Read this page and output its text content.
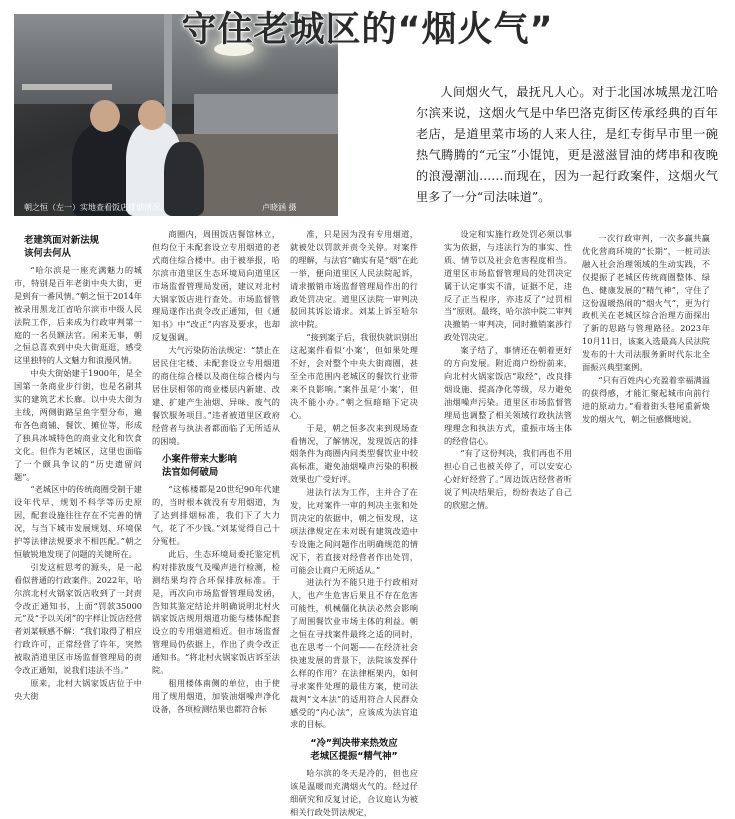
朝之恒（左一）实地查看饭店排烟情况。	卢晓涵 摄
守住老城区的“烟火气”

人间烟火气，最抚凡人心。对于北国冰城黑龙江哈尔滨来说，这烟火气是中华巴洛克街区传承经典的百年老店，是道里菜市场的人来人往，是红专街早市里一碗热气腾腾的“元宝”小馄饨，更是滋滋冒油的烤串和夜晚的浪漫潮汕……而现在，因为一起行政案件，这烟火气里多了一分“司法味道”。

老建筑面对新法规
该何去何从

“哈尔滨是一座充满魅力的城市，特别是百年老街中央大街，更是到有一番风情。”朝之恒于2014年被录用黑龙江省哈尔滨市中级人民法院工作，后来成为行政审判第一庭的一名员额法官。闲来无事，朝之恒总喜欢到中央大街逛逛，感受这里独特的人文魅力和浪漫风情。

中央大街始建于1900年，是全国第一条商业步行街，也是名副其实的建筑艺术长廊。以中央大街为主线，两侧街路呈鱼字型分布，遍布各色商铺、餐饮、摊位等，形成了独具冰城特色的商业文化和饮食文化。但作为老城区，这里也面临了一个颇具争议的“历史遗留问题”。

“老城区中的传统商圈受制于建设年代早、规划不科学等历史原因，配套设施往往存在不完善的情况，与当下城市发展规划、环境保护等法律法规要求不相匹配。”朝之恒敏锐地发现了问题的关键所在。

引发这桩思考的源头，是一起看似普通的行政案件。2022年，哈尔滨北村火锅家饭店收到了一封责令改正通知书，上面“罚款35000元”及“予以关闭”的字样让饭店经营者刘某顿感不解：“我们取得了相应行政许可，正常经营了许年，突然被取消道里区市场监督管理局的责令改正通知，说我们违法不当。”

原来，北村大锅家饭店位于中央大街

商圈内，周围饭店餐馆林立，但均位于未配套设立专用烟道的老式商住综合楼中。由于被举报，哈尔滨市道里区生态环境局向道里区市场监督管理局发函，建议对北村大锅家饭店进行查处。市场监督管理局遂作出责令改正通知，但《通知书》中“改正”内容及要求，也却反复强调。

大气污染防治法规定：“禁止在居民住宅楼、未配套设立专用烟道的商住综合楼以及商住综合楼内与居住层相邻的商业楼层内新建、改建、扩建产生油烟、异味、废气的餐饮服务项目。”违者被道里区政府经营者与执法者都面临了无所适从的困境。

小案件带来大影响
法官如何破局

“这栋楼都是20世纪90年代建的，当时根本就没有专用烟道，为了达到排烟标准，我们下了大力气，花了不少钱。”刘某觉得自己十分冤枉。

此后，生态环境局委托鉴定机构对排放废气及噪声进行检测，检测结果均符合环保排放标准。于是，再次向市场监督管理局发函，告知其鉴定结论并明确说明北村火锅家饭店规用烟道功能与楼体配套设立的专用烟道相近。但市场监督管理局仍依据上，作出了责令改正通知书。“将北村火锅家饭店诉至法院。

租用楼体南侧的单位，由于使用了规用烟道，加装油烟噪声净化设备，各项检测结果也都符合标

准，只是因为没有专用烟道，就被处以罚款并责令关停。对案件的理解，与法官“确实有是“烟”在此一举，便向道里区人民法院起诉，请求撤销市场监督管理局作出的行政处罚决定。道里区法院一审判决驳回其诉讼请求。刘某上诉至哈尔滨中院。

“接到案子后，我很快就识别出这起案件看似‘小案’，但如果处理不好，会对整个中央大街商圈，甚至全市范围内老城区的餐饮行业带来不良影响。”案件虽是‘小案’，但决不能小办。”朝之恒暗暗下定决心。

于是，朝之恒多次来到现场查看情况，了解情况，发现饭店的排烟条件为商圈内同类型餐饮业中较高标准，避免油烟噪声污染的积极效果也广受好评。

进法行法为工作，主并合了在发，比对案件一审的判决主张和处罚决定的依据中，朝之恒发现，这项法律规定在未对既有建筑改造中专设施之间问题作出明确规范的情况下，若直接对经营者作出处罚，可能会让商户无所适从。”

进法行为不能只进于行政相对人，也产生危害后果且不存在危害可能性，机械僵化执法必然会影响了周围餐饮业市场主体的利益。朝之恒在寻找案件最终之适的同时，也在思考一个问题——在经济社会快速发展的背景下，法院该发挥什么样的作用？在法律框架内，如何寻求案件处理的最佳方案，使司法裁判“文本法”的适用符合人民群众感受的“内心法”，应该成为法官追求的目标。

“冷”判决带来热效应
老城区提振“精气神”

哈尔滨的冬天是冷的，但也应该是温暖而充满烟火气的。经过仔细研究和反复讨论，合议庭认为被相关行政处罚法规定，

设定和实施行政处罚必须以事实为依据，与违法行为的事实、性质、情节以及社会危害程度相当。道里区市场监督管理局的处罚决定属于认定事实不清，证据不足，违反了正当程序，亦违反了“过罚相当”原则。最终，哈尔滨中院二审判决撤销一审判决，同时撤销案涉行政处罚决定。

案子结了，事情还在朝着更好的方向发展。附近商户纷纷前来，向北村火锅家饭店“取经”，改良排烟设施、提高净化等级，尽力避免油烟噪声污染。道里区市场监督管理局也调整了相关领域行政执法管理理念和执法方式，重振市场主体的经营信心。

“有了这份判决，我们再也不用担心自己也被关停了，可以安安心心好好经营了。”周边饭店经营者听说了判决结果后，纷纷表达了自己的欣慰之情。

一次行政审判，一次多赢共赢优化营商环境的“长期”，一桩司法融入社会治理领域的生动实践，不仅提振了老城区传统商圈整体、绿色、健康发展的“精气神”，守住了这份温暖热闹的“烟火气”，更为行政机关在老城区综合治理方面探出了新的思路与管理路径。2023年10月11日，该案入选最高人民法院发布的十大司法服务新时代东北全面振兴典型案例。

“只有百姓内心充盈着幸福满溢的获得感，才能汇聚起城市向前行进的原动力。”看着街头巷尾重新焕发的烟火气，朝之恒感慨地说。
